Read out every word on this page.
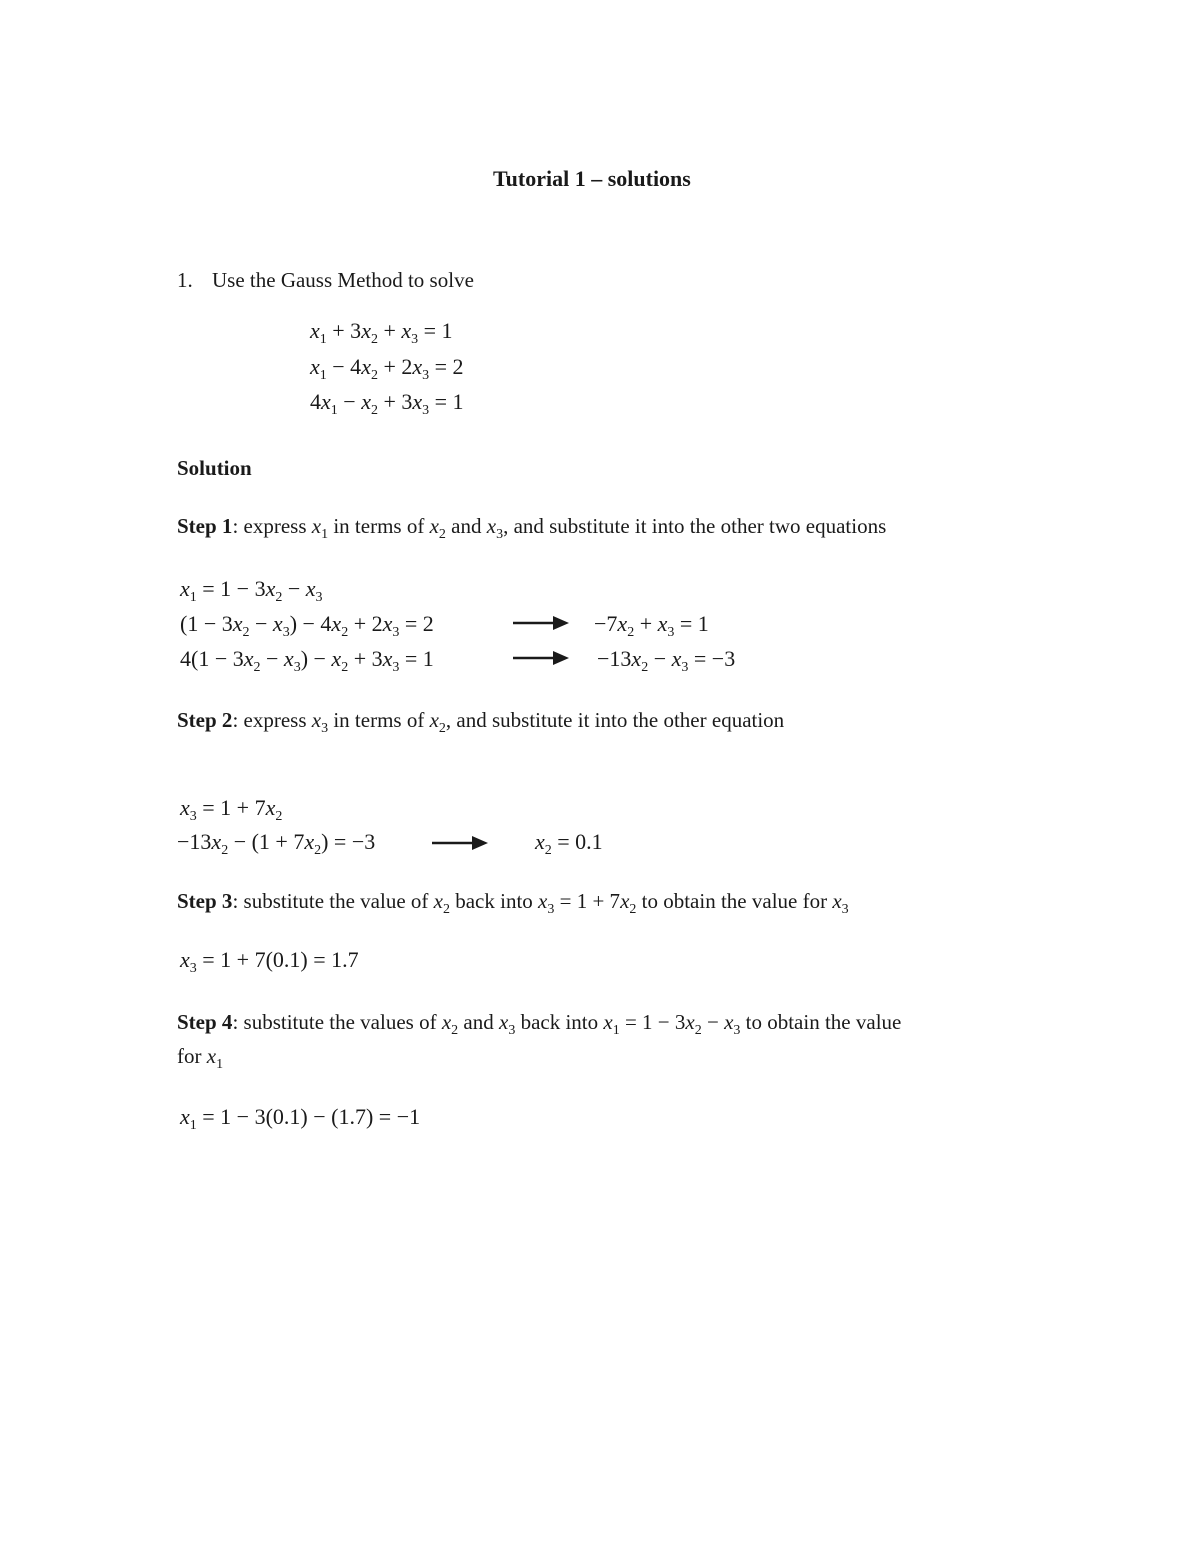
Tutorial 1 – solutions
1. Use the Gauss Method to solve
$x_1 + 3x_2 + x_3 = 1$
$x_1 - 4x_2 + 2x_3 = 2$
$4x_1 - x_2 + 3x_3 = 1$
Solution
Step 1: express $x_1$ in terms of $x_2$ and $x_3$, and substitute it into the other two equations
$x_1 = 1 - 3x_2 - x_3$
$(1 - 3x_2 - x_3) - 4x_2 + 2x_3 = 2$
$4(1 - 3x_2 - x_3) - x_2 + 3x_3 = 1$
$-7x_2 + x_3 = 1$
$-13x_2 - x_3 = -3$
Step 2: express $x_3$ in terms of $x_2$, and substitute it into the other equation
$x_3 = 1 + 7x_2$
$-13x_2 - (1 + 7x_2) = -3$	$x_2 = 0.1$
Step 3: substitute the value of $x_2$ back into $x_3 = 1 + 7x_2$ to obtain the value for $x_3$
$x_3 = 1 + 7(0.1) = 1.7$
Step 4: substitute the values of $x_2$ and $x_3$ back into $x_1 = 1 - 3x_2 - x_3$ to obtain the value
for $x_1$
$x_1 = 1 - 3(0.1) - (1.7) = -1$
